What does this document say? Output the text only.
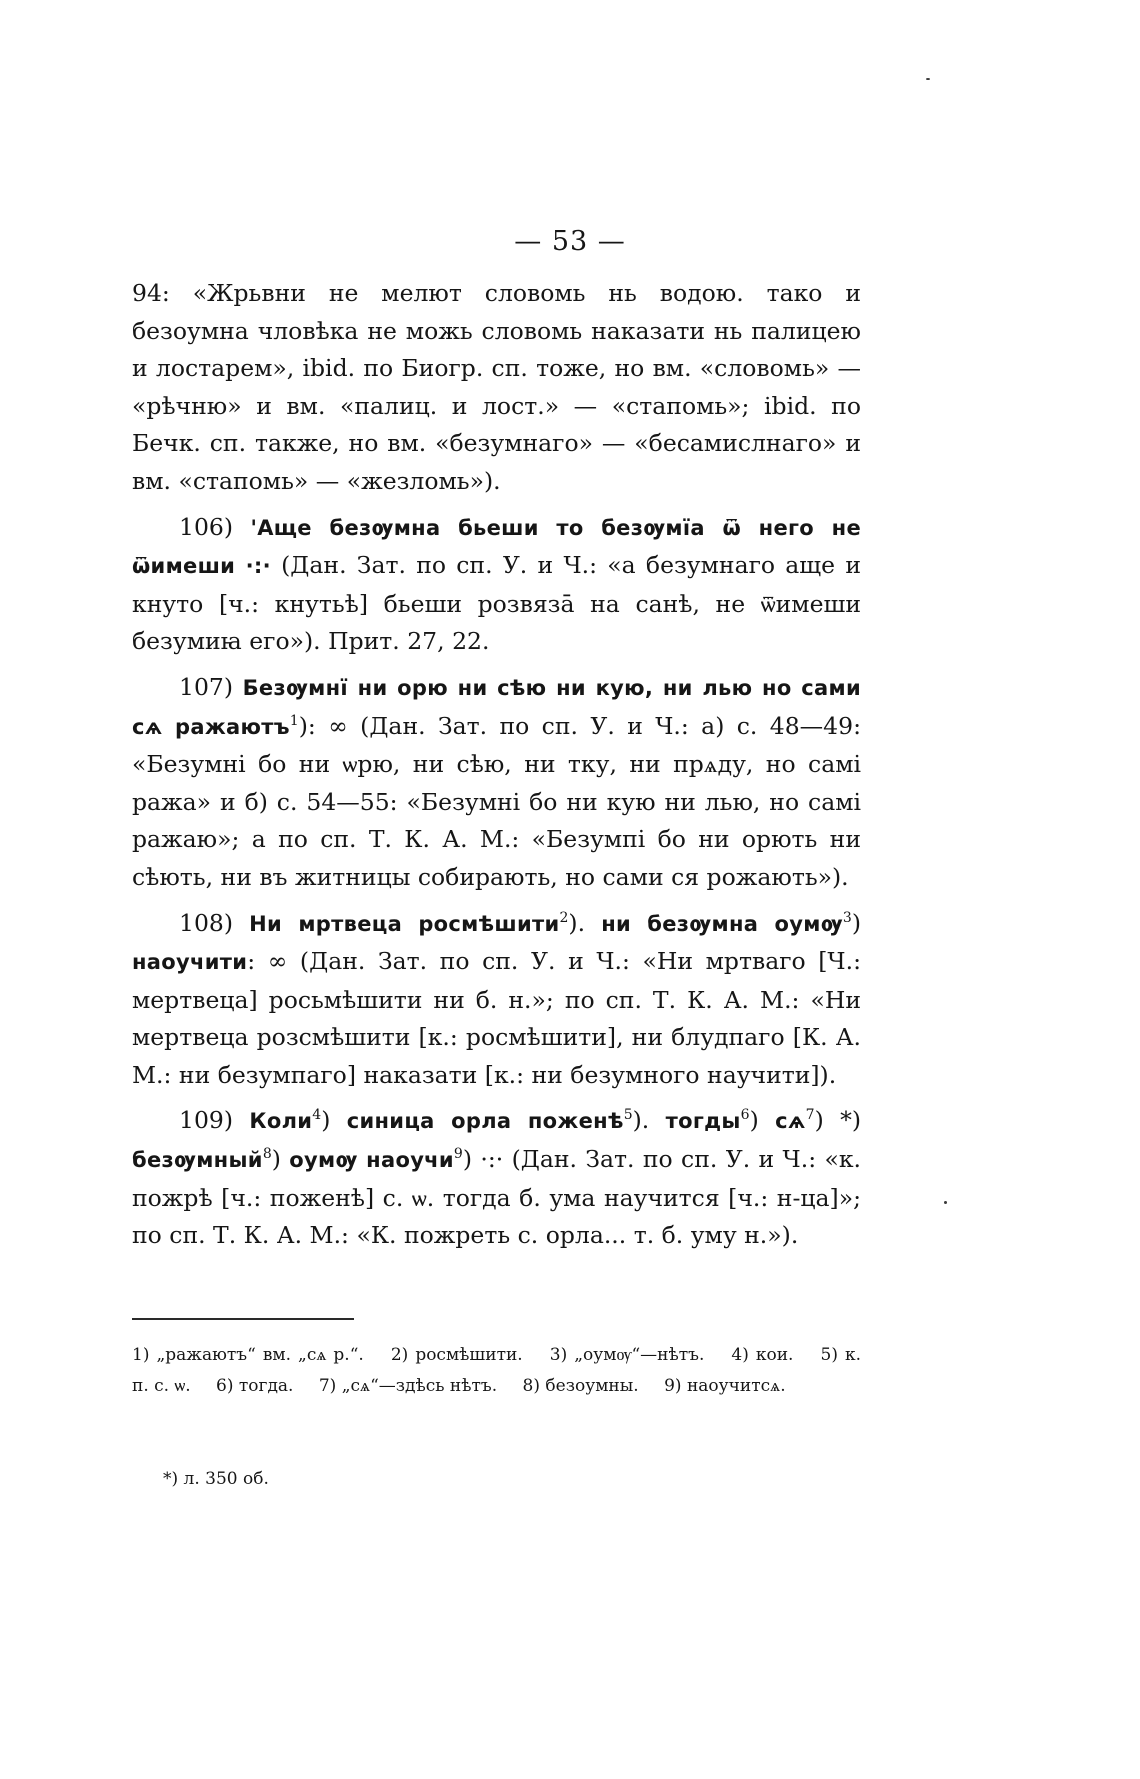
— 53 —

94: «Жрьвни не мелют словомь нь водою. тако и безоумна чловѣка не можь словомь наказати нь палицею и лостарем», ibid. по Биогр. сп. тоже, но вм. «словомь» — «рѣчню» и вм. «палиц. и лост.» — «стапомь»; ibid. по Бечк. сп. также, но вм. «безумнаго» — «бесамислнаго» и вм. «стапомь» — «жезломь»).

106) 'Аще безѹмна бьеши то безѹмїа ѿ него не ѿимеши ·:· (Дан. Зат. по сп. У. и Ч.: «а безумнаго аще и кнуто [ч.: кнутьѣ] бьеши розвязā на санѣ, не ѿимеши безумиꙗ его»). Прит. 27, 22.

107) Безѹмнї ни орю ни сѣю ни кую, ни лью но сами сѧ ражаютъ$^1$): ∞ (Дан. Зат. по сп. У. и Ч.: а) с. 48—49: «Безумні бо ни ѡрю, ни сѣю, ни тку, ни прѧду, но самі ража» и б) с. 54—55: «Безумні бо ни кую ни лью, но самі ражаю»; а по сп. Т. К. А. М.: «Безумпі бо ни орють ни сѣють, ни въ житницы собирають, но сами ся рожають»).

108) Ни мртвеца росмѣшити$^2$). ни безѹмна оумѹ$^3$) наоучити: ∞ (Дан. Зат. по сп. У. и Ч.: «Ни мртваго [Ч.: мертвеца] росьмѣшити ни б. н.»; по сп. Т. К. А. М.: «Ни мертвеца розсмѣшити [к.: росмѣшити], ни блудпаго [К. А. М.: ни безумпаго] наказати [к.: ни безумного научити]).

109) Коли$^4$) синица орла поженѣ$^5$). тогды$^6$) $сѧ^7$) *) безѹмный$^8$) оумѹ наоучи$^9$) ·:· (Дан. Зат. по сп. У. и Ч.: «к. пожрѣ [ч.: поженѣ] с. ѡ. тогда б. ума научится [ч.: н-ца]»; по сп. Т. К. А. М.: «К. пожреть с. орла... т. б. уму н.»).

1) „ражаютъ“ вм. „сѧ р.“. 2) росмѣшити. 3) „оумѹ“—нѣтъ. 4) кои. 5) к. п. с. ѡ. 6) тогда. 7) „сѧ“—здѣсь нѣтъ. 8) безоумны. 9) наоучитсѧ.
*) л. 350 об.
